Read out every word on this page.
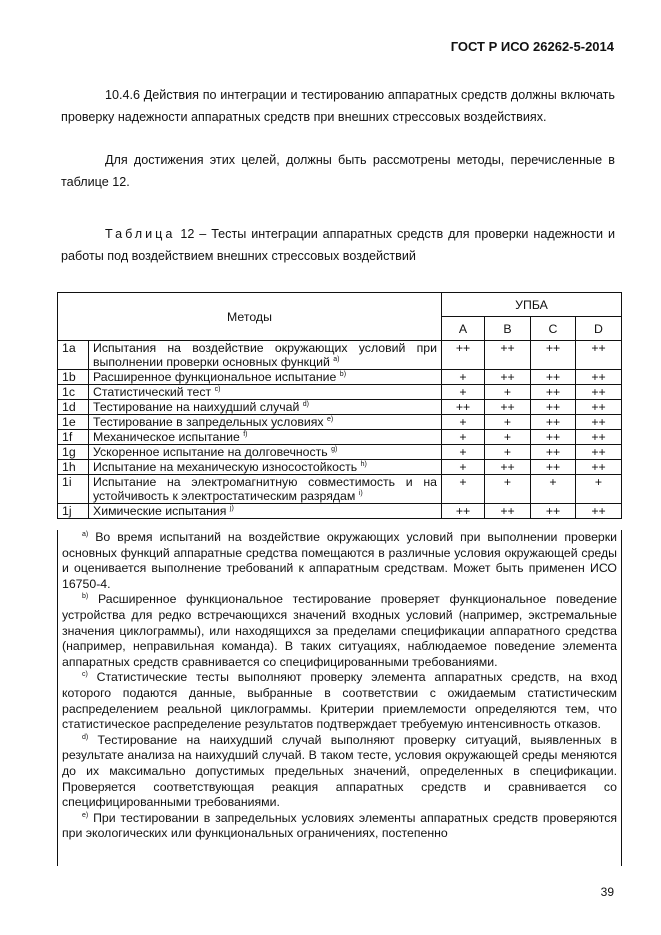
ГОСТ Р ИСО 26262-5-2014
10.4.6 Действия по интеграции и тестированию аппаратных средств должны включать проверку надежности аппаратных средств при внешних стрессовых воздействиях.
Для достижения этих целей, должны быть рассмотрены методы, перечисленные в таблице 12.
Таблица 12 – Тесты интеграции аппаратных средств для проверки надежности и работы под воздействием внешних стрессовых воздействий
Методы		УПБА			
		A	B	C	D
1a	Испытания на воздействие окружающих условий при выполнении проверки основных функций $^{a)}$	++	++	++	++
1b	Расширенное функциональное испытание $^{b)}$	+	++	++	++
1c	Статистический тест $^{c)}$	+	+	++	++
1d	Тестирование на наихудший случай $^{d)}$	++	++	++	++
1e	Тестирование в запредельных условиях $^{e)}$	+	+	++	++
1f	Механическое испытание $^{f)}$	+	+	++	++
1g	Ускоренное испытание на долговечность $^{g)}$	+	+	++	++
1h	Испытание на механическую износостойкость $^{h)}$	+	++	++	++
1i	Испытание на электромагнитную совместимость и на устойчивость к электростатическим разрядам $^{i)}$	+	+	+	+
1j	Химические испытания $^{j)}$	++	++	++	++

$^{a)}$ Во время испытаний на воздействие окружающих условий при выполнении проверки основных функций аппаратные средства помещаются в различные условия окружающей среды и оценивается выполнение требований к аппаратным средствам. Может быть применен ИСО 16750-4.

$^{b)}$ Расширенное функциональное тестирование проверяет функциональное поведение устройства для редко встречающихся значений входных условий (например, экстремальные значения циклограммы), или находящихся за пределами спецификации аппаратного средства (например, неправильная команда). В таких ситуациях, наблюдаемое поведение элемента аппаратных средств сравнивается со специфицированными требованиями.

$^{c)}$ Статистические тесты выполняют проверку элемента аппаратных средств, на вход которого подаются данные, выбранные в соответствии с ожидаемым статистическим распределением реальной циклограммы. Критерии приемлемости определяются тем, что статистическое распределение результатов подтверждает требуемую интенсивность отказов.

$^{d)}$ Тестирование на наихудший случай выполняют проверку ситуаций, выявленных в результате анализа на наихудший случай. В таком тесте, условия окружающей среды меняются до их максимально допустимых предельных значений, определенных в спецификации. Проверяется соответствующая реакция аппаратных средств и сравнивается со специфицированными требованиями.

$^{e)}$ При тестировании в запредельных условиях элементы аппаратных средств проверяются при экологических или функциональных ограничениях, постепенно

39
